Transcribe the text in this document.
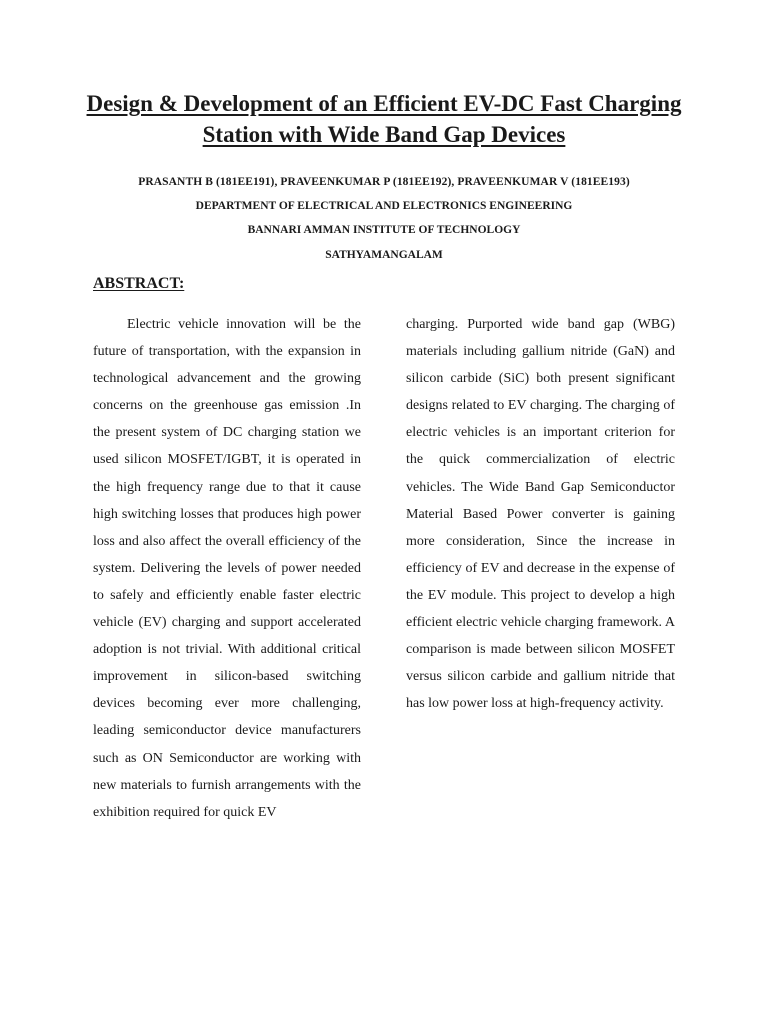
Design & Development of an Efficient EV-DC Fast Charging Station with Wide Band Gap Devices
PRASANTH B (181EE191), PRAVEENKUMAR P (181EE192), PRAVEENKUMAR V (181EE193)
DEPARTMENT OF ELECTRICAL AND ELECTRONICS ENGINEERING
BANNARI AMMAN INSTITUTE OF TECHNOLOGY
SATHYAMANGALAM
ABSTRACT:

Electric vehicle innovation will be the future of transportation, with the expansion in technological advancement and the growing concerns on the greenhouse gas emission .In the present system of DC charging station we used silicon MOSFET/IGBT, it is operated in the high frequency range due to that it cause high switching losses that produces high power loss and also affect the overall efficiency of the system. Delivering the levels of power needed to safely and efficiently enable faster electric vehicle (EV) charging and support accelerated adoption is not trivial. With additional critical improvement in silicon-based switching devices becoming ever more challenging, leading semiconductor device manufacturers such as ON Semiconductor are working with new materials to furnish arrangements with the exhibition required for quick EV

charging. Purported wide band gap (WBG) materials including gallium nitride (GaN) and silicon carbide (SiC) both present significant designs related to EV charging. The charging of electric vehicles is an important criterion for the quick commercialization of electric vehicles. The Wide Band Gap Semiconductor Material Based Power converter is gaining more consideration, Since the increase in efficiency of EV and decrease in the expense of the EV module. This project to develop a high efficient electric vehicle charging framework. A comparison is made between silicon MOSFET versus silicon carbide and gallium nitride that has low power loss at high-frequency activity.
